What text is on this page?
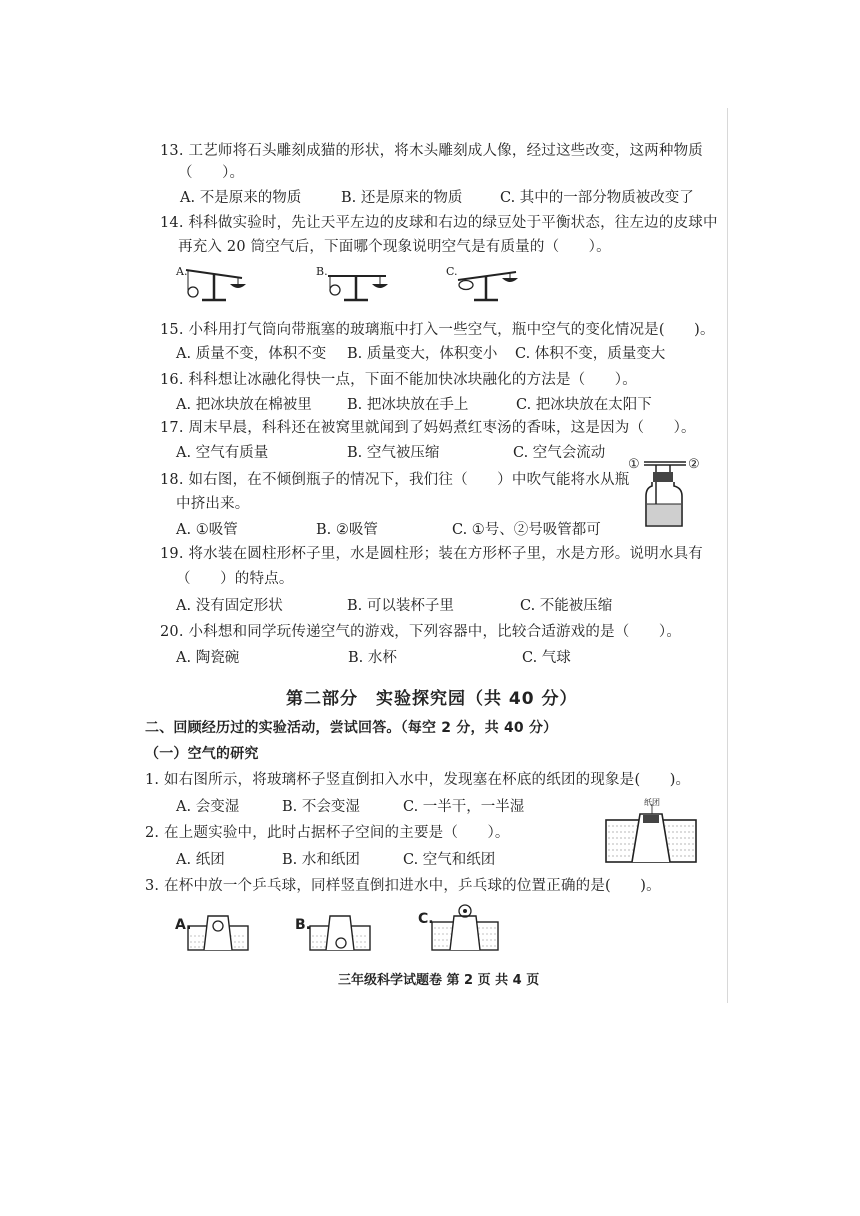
13. 工艺师将石头雕刻成猫的形状，将木头雕刻成人像，经过这些改变，这两种物质
（　　）。
A. 不是原来的物质	B. 还是原来的物质	C. 其中的一部分物质被改变了
14. 科科做实验时，先让天平左边的皮球和右边的绿豆处于平衡状态，往左边的皮球中
再充入 20 筒空气后，下面哪个现象说明空气是有质量的（　　）。
A.	B.	C.
15. 小科用打气筒向带瓶塞的玻璃瓶中打入一些空气，瓶中空气的变化情况是(　　)。
A. 质量不变，体积不变 B. 质量变大，体积变小 C. 体积不变，质量变大
16. 科科想让冰融化得快一点，下面不能加快冰块融化的方法是（　　）。
A. 把冰块放在棉被里 B. 把冰块放在手上	C. 把冰块放在太阳下
17. 周末早晨，科科还在被窝里就闻到了妈妈煮红枣汤的香味，这是因为（　　）。
A. 空气有质量	B. 空气被压缩	C. 空气会流动
18. 如右图，在不倾倒瓶子的情况下，我们往（　　）中吹气能将水从瓶
中挤出来。
A. ①吸管	B. ②吸管	C. ①号、②号吸管都可
①	②
19. 将水装在圆柱形杯子里，水是圆柱形；装在方形杯子里，水是方形。说明水具有
（　　）的特点。
A. 没有固定形状	B. 可以装杯子里	C. 不能被压缩
20. 小科想和同学玩传递空气的游戏，下列容器中，比较合适游戏的是（　　）。
A. 陶瓷碗	B. 水杯	C. 气球
第二部分　实验探究园（共 40 分）
二、回顾经历过的实验活动，尝试回答。（每空 2 分，共 40 分）
（一）空气的研究
1. 如右图所示，将玻璃杯子竖直倒扣入水中，发现塞在杯底的纸团的现象是(　　)。
A. 会变湿	B. 不会变湿	C. 一半干，一半湿	纸团
2. 在上题实验中，此时占据杯子空间的主要是（　　）。
A. 纸团	B. 水和纸团	C. 空气和纸团
3. 在杯中放一个乒乓球，同样竖直倒扣进水中，乒乓球的位置正确的是(　　)。
A.	B.	C.
三年级科学试题卷 第 2 页 共 4 页
